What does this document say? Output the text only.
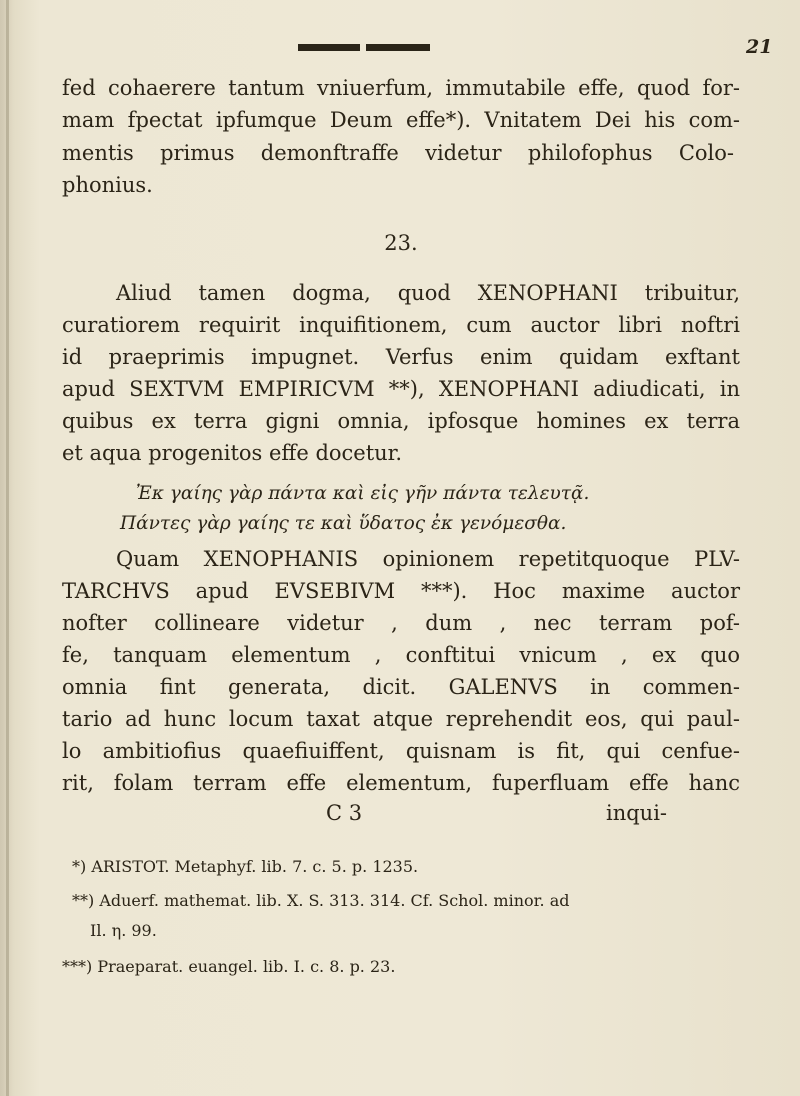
21
fed cohaerere tantum vniuerfum, immutabile effe, quod for-
mam fpectat ipfumque Deum effe*). Vnitatem Dei his com-
mentis primus demonftraffe videtur philofophus Colo-
phonius.
23.
Aliud tamen dogma, quod XENOPHANI tribuitur,
curatiorem requirit inquifitionem, cum auctor libri noftri
id praeprimis impugnet. Verfus enim quidam exftant
apud SEXTVM EMPIRICVM **), XENOPHANI adiudicati, in
quibus ex terra gigni omnia, ipfosque homines ex terra
et aqua progenitos effe docetur.
Ἐκ γαίης γὰρ πάντα καὶ εἰς γῆν πάντα τελευτᾷ.
Πάντες γὰρ γαίης τε καὶ ὕδατος ἐκ γενόμεσθα.
Quam XENOPHANIS opinionem repetitquoque PLV-
TARCHVS apud EVSEBIVM ***). Hoc maxime auctor
nofter collineare videtur , dum , nec terram pof-
fe, tanquam elementum , conftitui vnicum , ex quo
omnia fint generata, dicit. GALENVS in commen-
tario ad hunc locum taxat atque reprehendit eos, qui paul-
lo ambitiofius quaefiuiffent, quisnam is fit, qui cenfue-
rit, folam terram effe elementum, fuperfluam effe hanc
C 3	inqui-
*) ARISTOT. Metaphyf. lib. 7. c. 5. p. 1235.
**) Aduerf. mathemat. lib. X. S. 313. 314. Cf. Schol. minor. ad
Il. η. 99.
***) Praeparat. euangel. lib. I. c. 8. p. 23.
